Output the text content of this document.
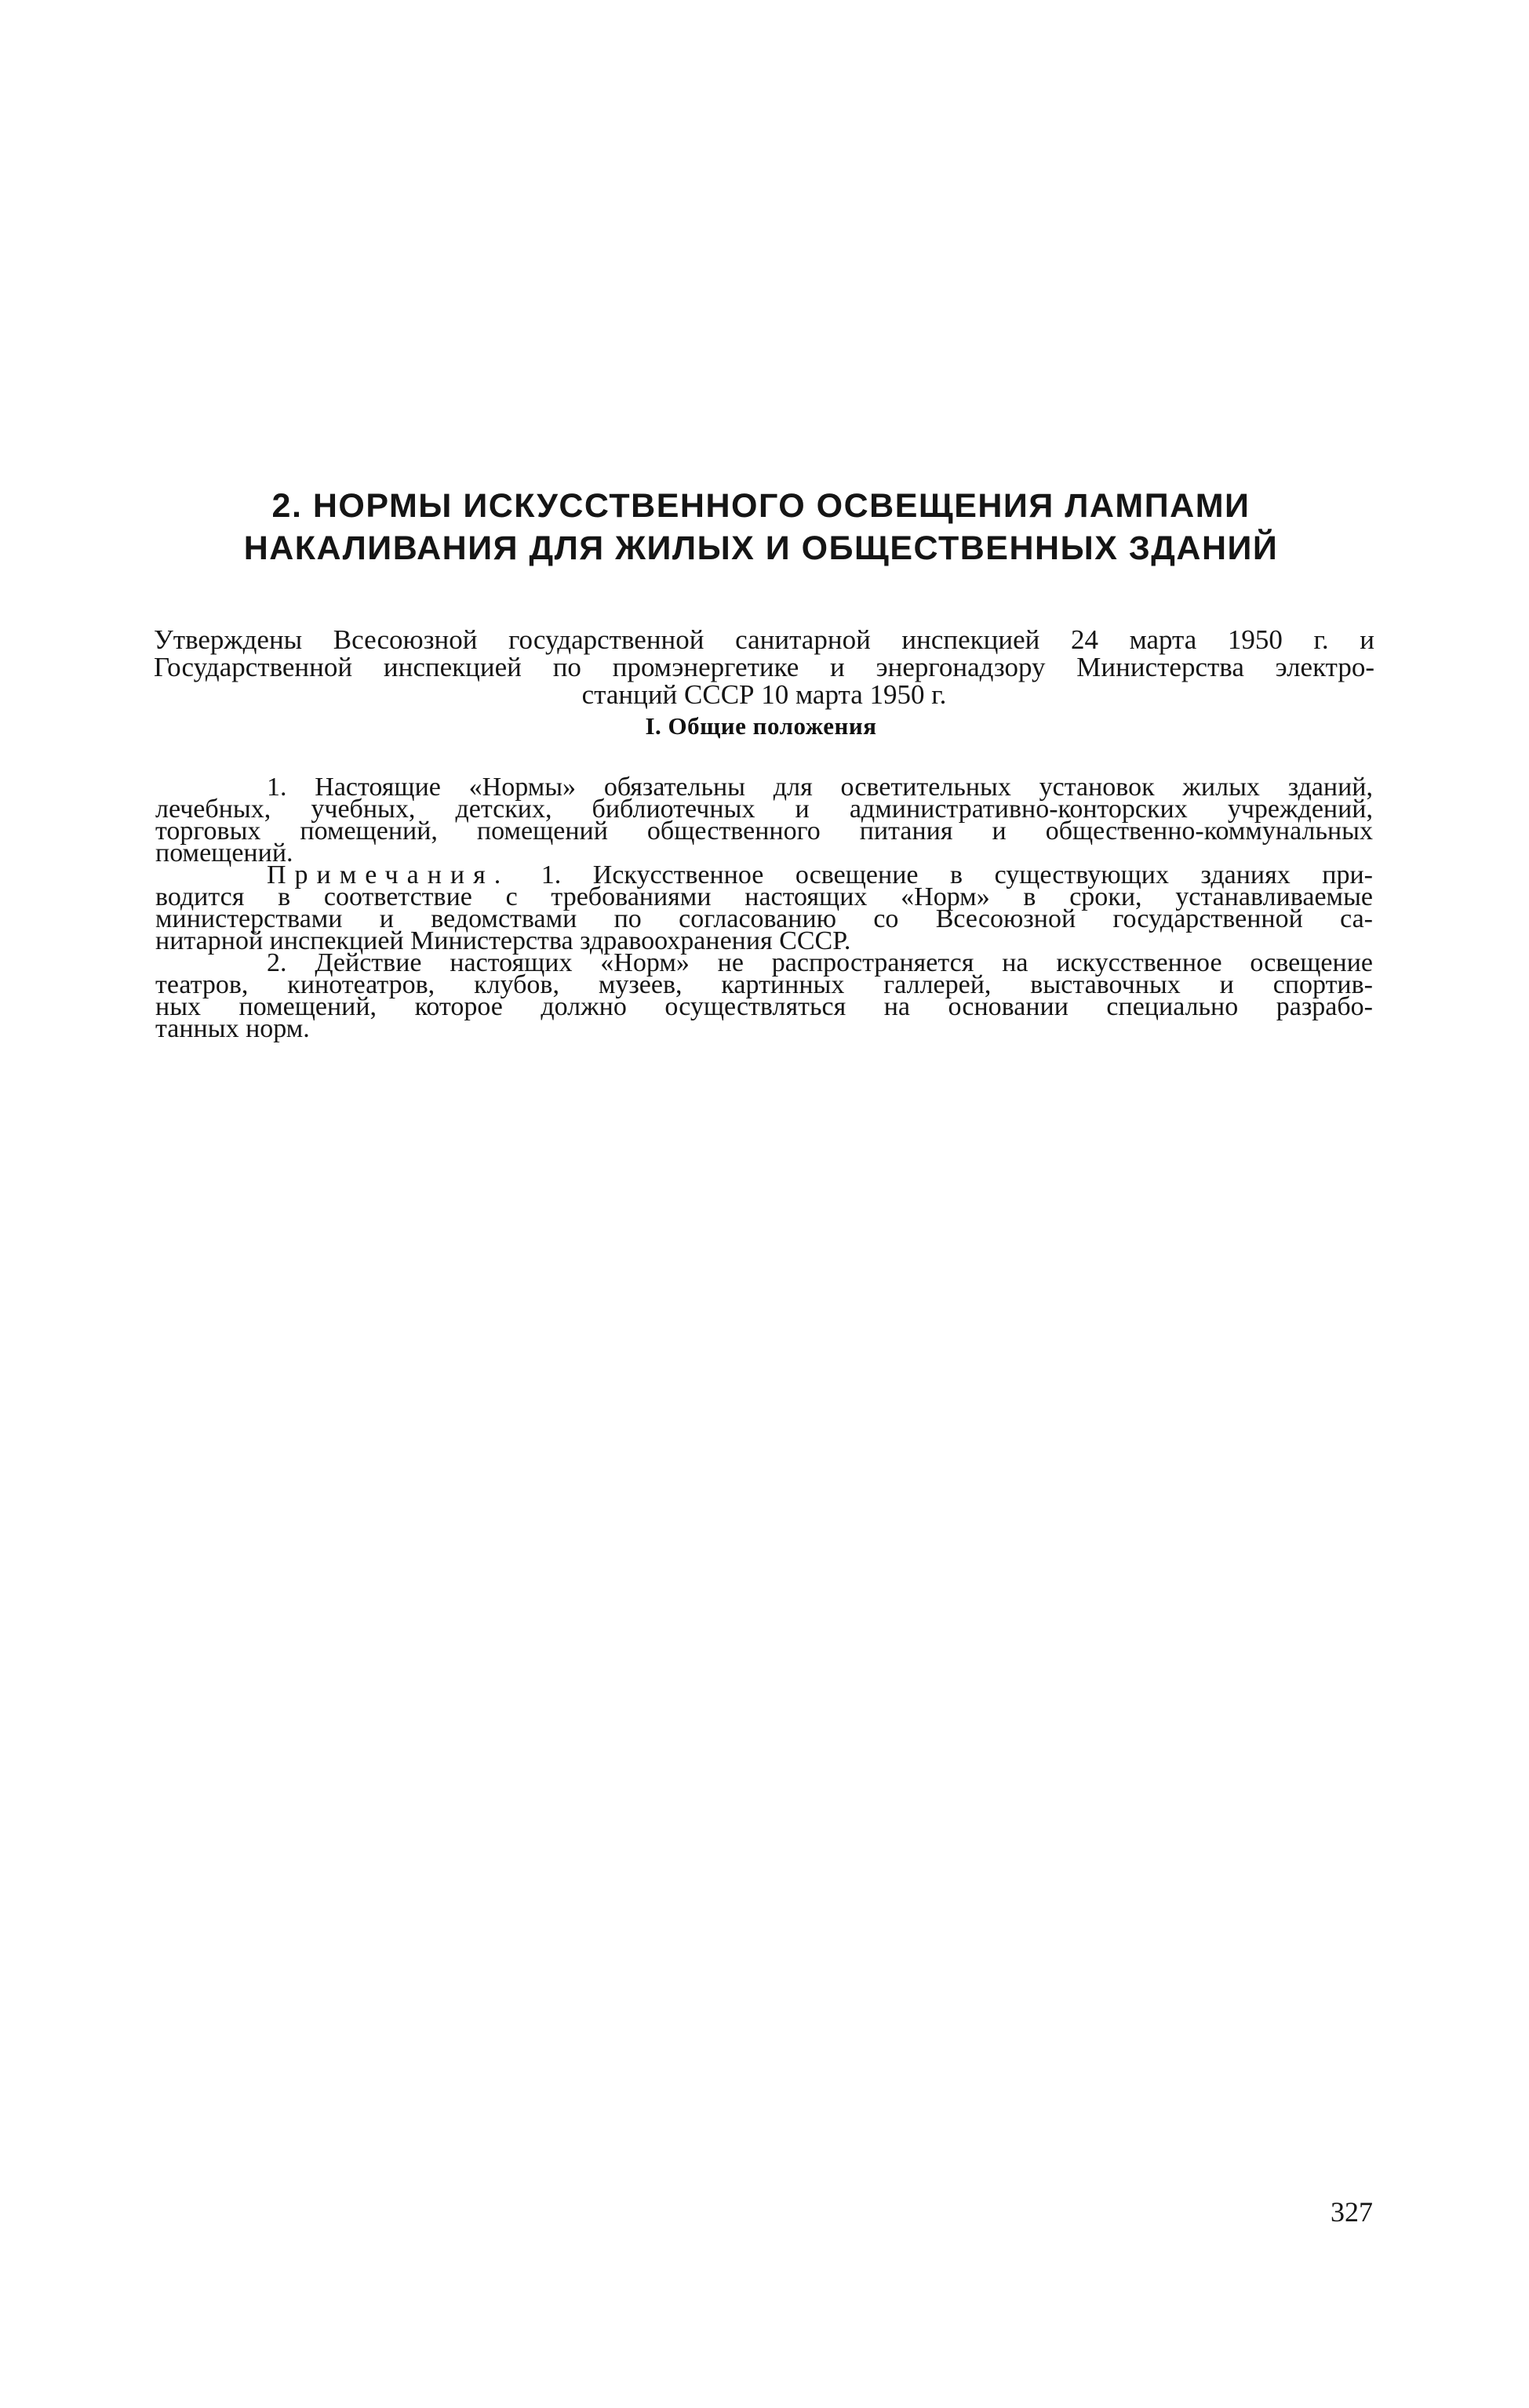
2. НОРМЫ ИСКУССТВЕННОГО ОСВЕЩЕНИЯ ЛАМПАМИ
НАКАЛИВАНИЯ ДЛЯ ЖИЛЫХ И ОБЩЕСТВЕННЫХ ЗДАНИЙ
Утверждены Всесоюзной государственной санитарной инспекцией 24 марта 1950 г. и
Государственной инспекцией по промэнергетике и энергонадзору Министерства электро-
станций СССР 10 марта 1950 г.
I. Общие положения
1. Настоящие «Нормы» обязательны для осветительных установок жилых зданий,
лечебных, учебных, детских, библиотечных и административно-конторских учреждений,
торговых помещений, помещений общественного питания и общественно-коммунальных
помещений.
Примечания. 1. Искусственное освещение в существующих зданиях при-
водится в соответствие с требованиями настоящих «Норм» в сроки, устанавливаемые
министерствами и ведомствами по согласованию со Всесоюзной государственной са-
нитарной инспекцией Министерства здравоохранения СССР.
2. Действие настоящих «Норм» не распространяется на искусственное освещение
театров, кинотеатров, клубов, музеев, картинных галлерей, выставочных и спортив-
ных помещений, которое должно осуществляться на основании специально разрабо-
танных норм.
327
